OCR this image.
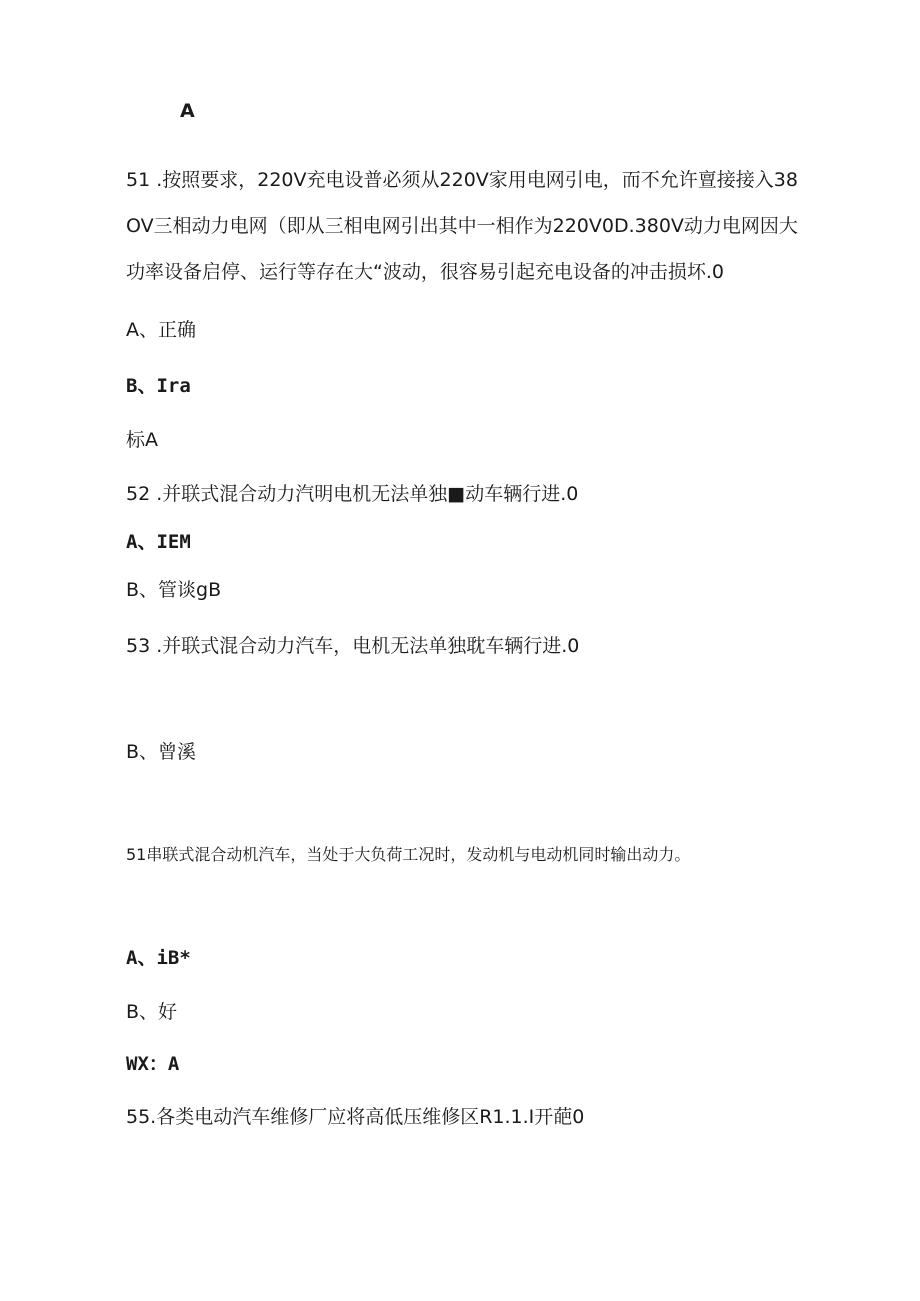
A
51 .按照要求，220V充电设普必须从220V家用电网引电，而不允许亶接接入38
OV三相动力电网（即从三相电网引出其中一相作为220V0D.380V动力电网因大
功率设备启停、运行等存在大“波动，很容易引起充电设备的冲击损坏.0
A、正确
B、Ira
标A
52 .并联式混合动力汽明电机无法单独■动车辆行进.0
A、IEM
B、管谈gB
53 .并联式混合动力汽车，电机无法单独耽车辆行进.0
B、曾溪
51串联式混合动机汽车，当处于大负荷工况时，发动机与电动机同时输出动力。
A、iB*
B、好
WX：A
55.各类电动汽车维修厂应将高低压维修区R1.1.I开葩0
